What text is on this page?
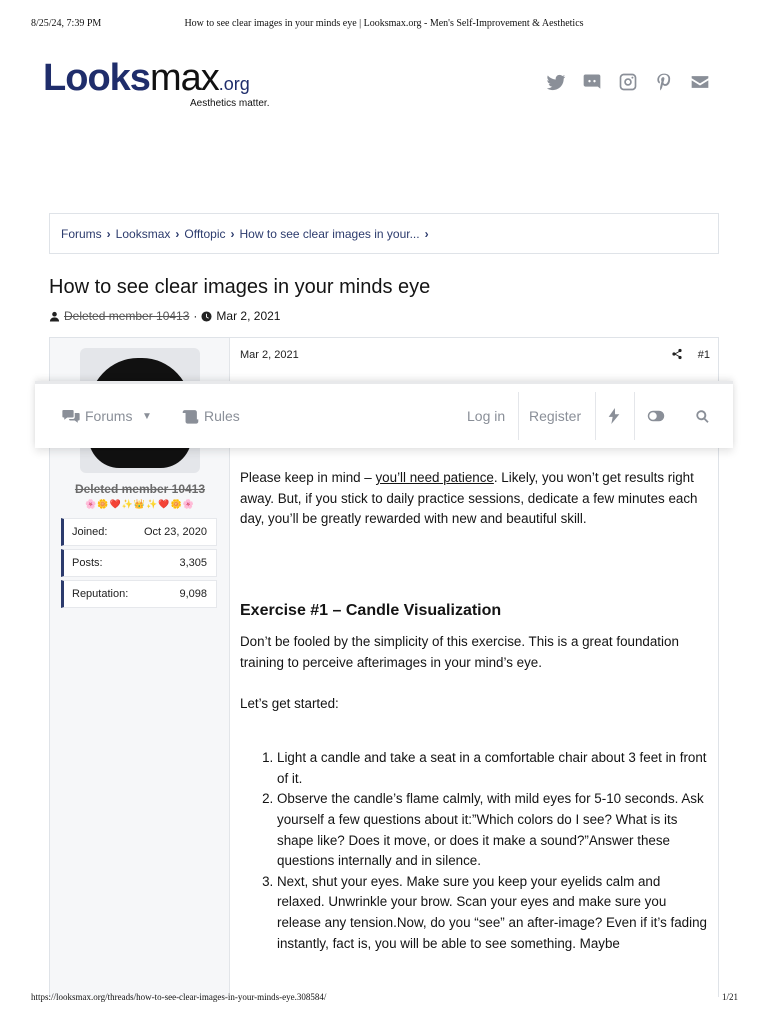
8/25/24, 7:39 PM	How to see clear images in your minds eye | Looksmax.org - Men's Self-Improvement & Aesthetics
Looksmax.org
Aesthetics matter.
Forums › Looksmax › Offtopic › How to see clear images in your... ›
How to see clear images in your minds eye
Deleted member 10413 · Mar 2, 2021
Deleted member 10413
🌸🌼❤️✨👑✨❤️🌼🌸
Joined:	Oct 23, 2020
Posts:	3,305
Reputation:	9,098
Mar 2, 2021	#1

Please keep in mind – you’ll need patience. Likely, you won’t get results right away. But, if you stick to daily practice sessions, dedicate a few minutes each day, you’ll be greatly rewarded with new and beautiful skill.

Exercise #1 – Candle Visualization

Don’t be fooled by the simplicity of this exercise. This is a great foundation training to perceive afterimages in your mind’s eye.

Let’s get started:

1. Light a candle and take a seat in a comfortable chair about 3 feet in front of it.
2. Observe the candle’s flame calmly, with mild eyes for 5-10 seconds. Ask yourself a few questions about it:”Which colors do I see? What is its shape like? Does it move, or does it make a sound?”Answer these questions internally and in silence.
3. Next, shut your eyes. Make sure you keep your eyelids calm and relaxed. Unwrinkle your brow. Scan your eyes and make sure you release any tension.Now, do you “see” an after-image? Even if it’s fading instantly, fact is, you will be able to see something. Maybe
Forums ▼	Rules	Log in Register
https://looksmax.org/threads/how-to-see-clear-images-in-your-minds-eye.308584/	1/21
